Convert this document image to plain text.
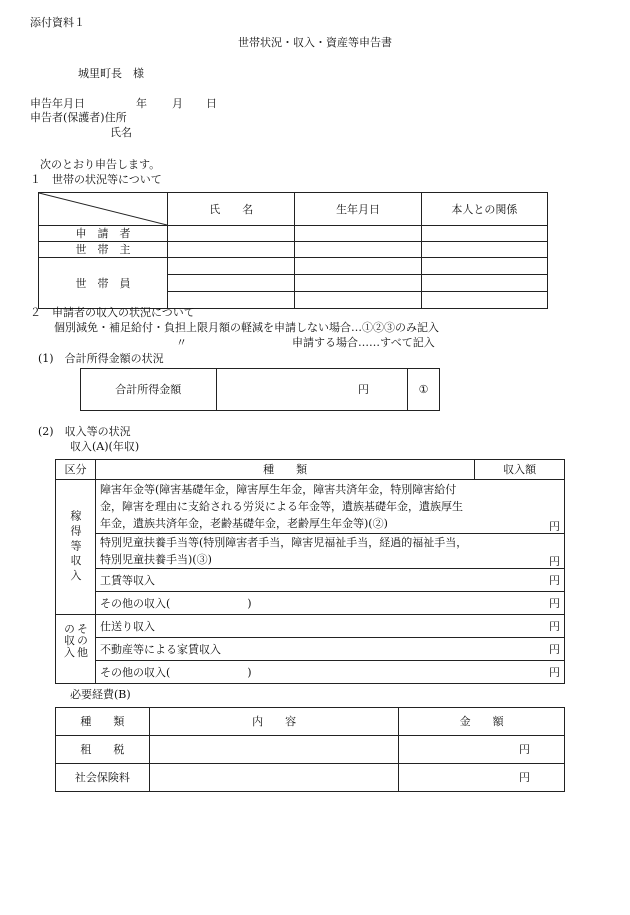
添付資料１
世帯状況・収入・資産等申告書
城里町長　様
申告年月日	年 月 日
申告者(保護者)住所
氏名
次のとおり申告します。
１　世帯の状況等について
	氏　　名	生年月日	本人との関係
申　請　者			
世　帯　主			
世　帯　員			

２　申請者の収入の状況について
個別減免・補足給付・負担上限月額の軽減を申請しない場合…①②③のみ記入
〃	申請する場合……すべて記入
(1)　合計所得金額の状況
合計所得金額	円	①
(2)　収入等の状況
収入(A)(年収)
区分	種　　類	収入額

稼得等収入	障害年金等(障害基礎年金，障害厚生年金，障害共済年金，特別障害給付金，障害を理由に支給される労災による年金等，遺族基礎年金，遺族厚生年金，遺族共済年金，老齢基礎年金，老齢厚生年金等)(②)	円

	特別児童扶養手当等(特別障害者手当，障害児福祉手当，経過的福祉手当，特別児童扶養手当)(③)	円

	工賃等収入	円

	その他の収入(　　　　　　　)	円

その他の収入	仕送り収入	円

	不動産等による家賃収入	円

	その他の収入(　　　　　　　)	円
必要経費(B)
種　　類	内　　容	金　　額
租　　税		円
社会保険料		円
